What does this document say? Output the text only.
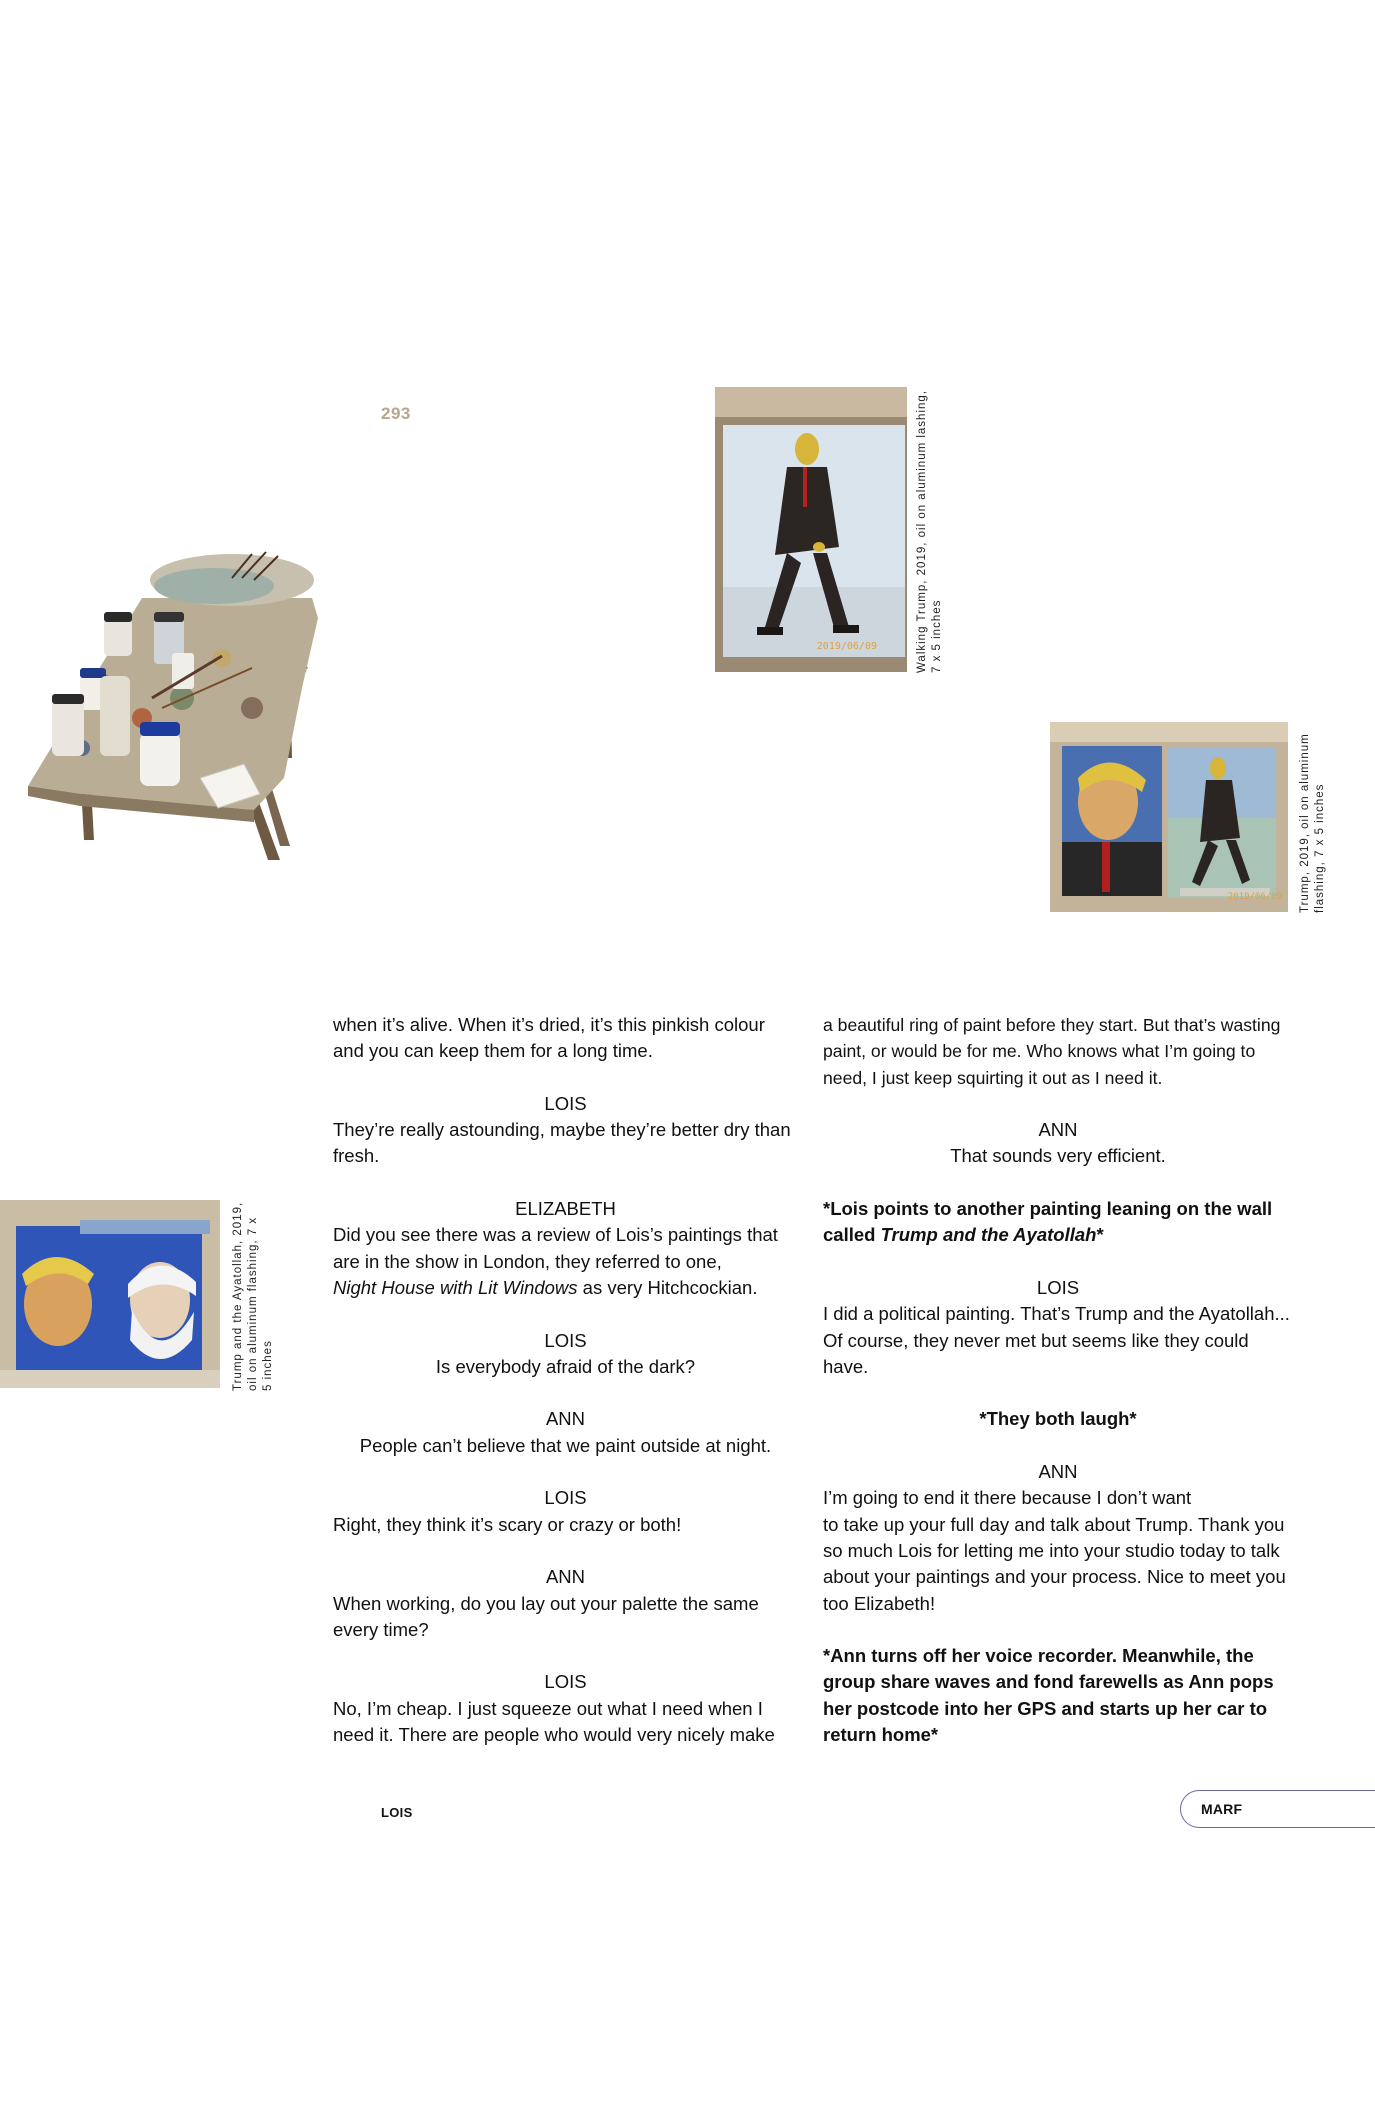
293
2019/06/09	Walking Trump, 2019, oil on aluminum lashing, 7 x 5 inches
2019/06/09 Trump, 2019, oil on aluminum flashing, 7 x 5 inches
Trump and the Ayatollah, 2019, oil on aluminum flashing, 7 x 5 inches

when it’s alive. When it’s dried, it’s this pinkish colour and you can keep them for a long time.

LOIS

They’re really astounding, maybe they’re better dry than fresh.

ELIZABETH

Did you see there was a review of Lois’s paintings that are in the show in London, they referred to one,

Night House with Lit Windows as very Hitchcockian.

LOIS

Is everybody afraid of the dark?

ANN

People can’t believe that we paint outside at night.

LOIS

Right, they think it’s scary or crazy or both!

ANN

When working, do you lay out your palette the same every time?

LOIS

No, I’m cheap. I just squeeze out what I need when I need it. There are people who would very nicely make

a beautiful ring of paint before they start. But that’s wasting paint, or would be for me. Who knows what I’m going to need, I just keep squirting it out as I need it.

ANN

That sounds very efficient.

*Lois points to another painting leaning on the wall called Trump and the Ayatollah*

LOIS

I did a political painting. That’s Trump and the Ayatollah... Of course, they never met but seems like they could have.

*They both laugh*

ANN

I’m going to end it there because I don’t want

to take up your full day and talk about Trump. Thank you so much Lois for letting me into your studio today to talk about your paintings and your process. Nice to meet you too Elizabeth!

*Ann turns off her voice recorder. Meanwhile, the group share waves and fond farewells as Ann pops her postcode into her GPS and starts up her car to return home*

LOIS	MARF
